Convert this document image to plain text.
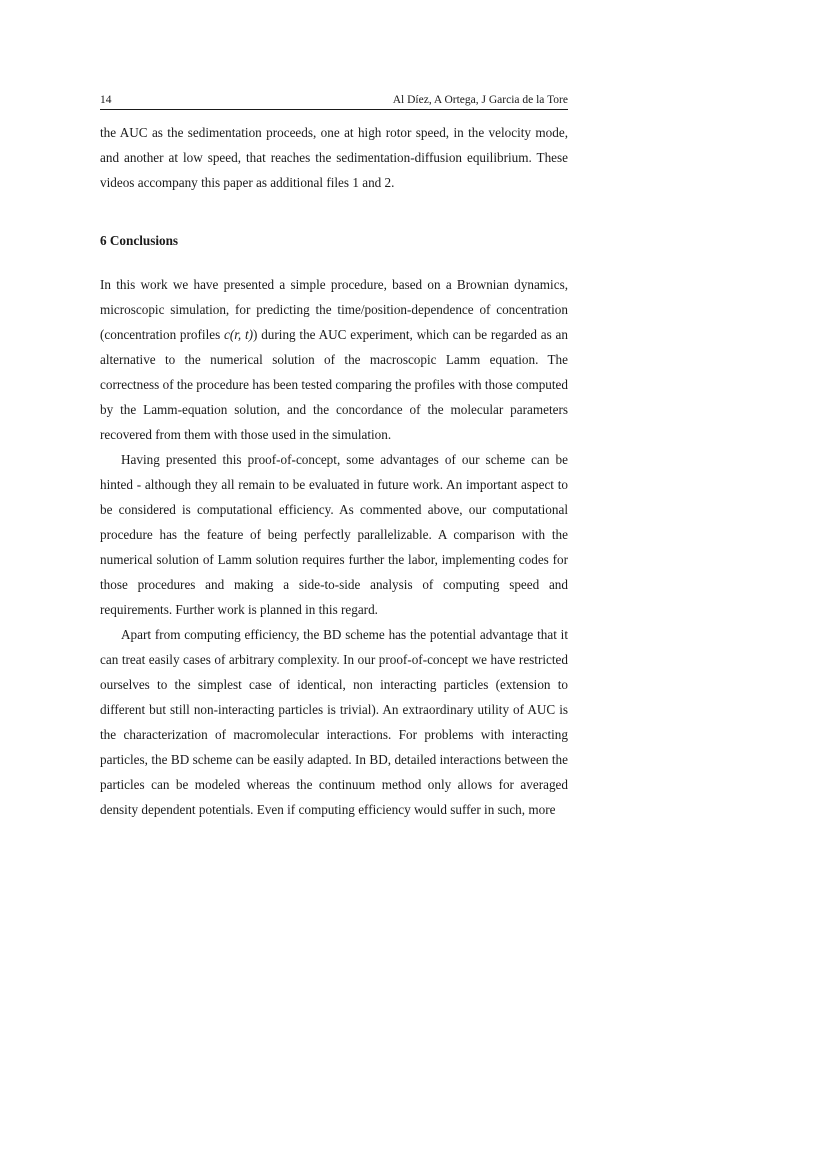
14	Al Díez, A Ortega, J Garcia de la Tore

the AUC as the sedimentation proceeds, one at high rotor speed, in the velocity mode, and another at low speed, that reaches the sedimentation-diffusion equilibrium. These videos accompany this paper as additional files 1 and 2.

6 Conclusions

In this work we have presented a simple procedure, based on a Brownian dynamics, microscopic simulation, for predicting the time/position-dependence of concentration (concentration profiles c(r, t)) during the AUC experiment, which can be regarded as an alternative to the numerical solution of the macroscopic Lamm equation. The correctness of the procedure has been tested comparing the profiles with those computed by the Lamm-equation solution, and the concordance of the molecular parameters recovered from them with those used in the simulation.

Having presented this proof-of-concept, some advantages of our scheme can be hinted - although they all remain to be evaluated in future work. An important aspect to be considered is computational efficiency. As commented above, our computational procedure has the feature of being perfectly parallelizable. A comparison with the numerical solution of Lamm solution requires further the labor, implementing codes for those procedures and making a side-to-side analysis of computing speed and requirements. Further work is planned in this regard.

Apart from computing efficiency, the BD scheme has the potential advantage that it can treat easily cases of arbitrary complexity. In our proof-of-concept we have restricted ourselves to the simplest case of identical, non interacting particles (extension to different but still non-interacting particles is trivial). An extraordinary utility of AUC is the characterization of macromolecular interactions. For problems with interacting particles, the BD scheme can be easily adapted. In BD, detailed interactions between the particles can be modeled whereas the continuum method only allows for averaged density dependent potentials. Even if computing efficiency would suffer in such, more
